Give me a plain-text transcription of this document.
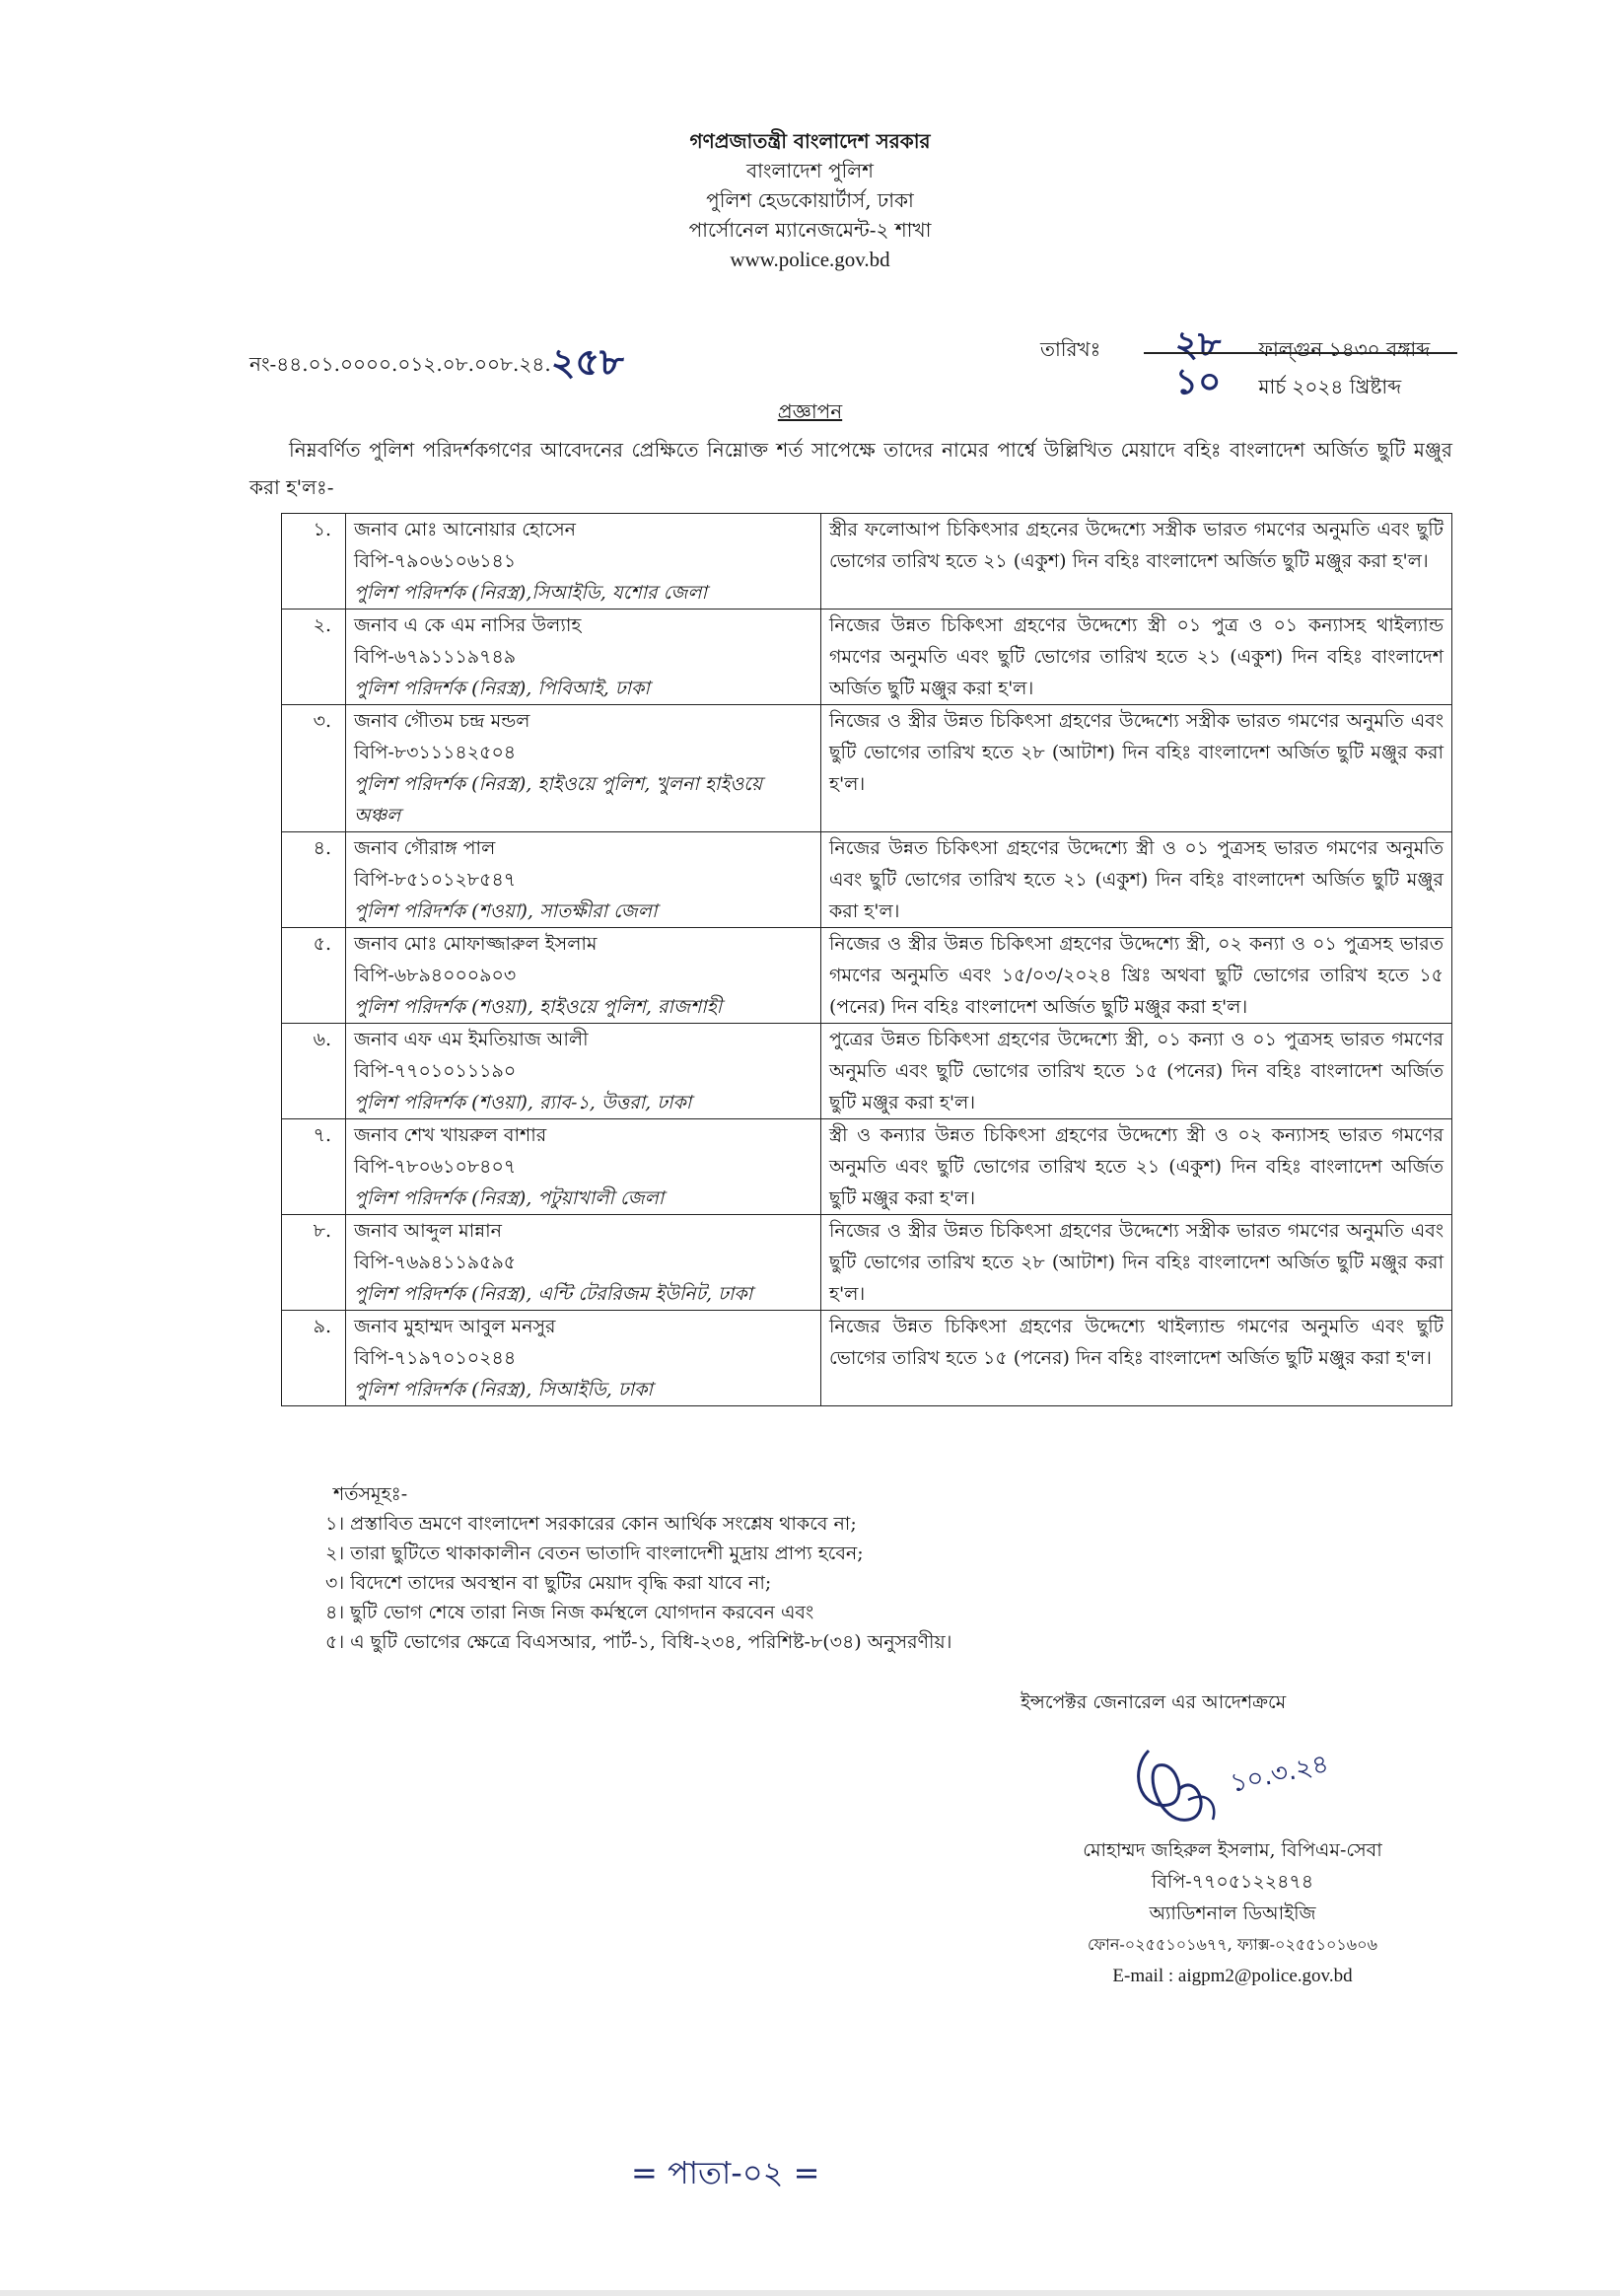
গণপ্রজাতন্ত্রী বাংলাদেশ সরকার
বাংলাদেশ পুলিশ
পুলিশ হেডকোয়ার্টার্স, ঢাকা
পার্সোনেল ম্যানেজমেন্ট-২ শাখা
www.police.gov.bd
নং-৪৪.০১.০০০০.০১২.০৮.০০৮.২৪.২৫৮	তারিখঃ	২৮ ফাল্গুন ১৪৩০ বঙ্গাব্দ
১০ মার্চ ২০২৪ খ্রিষ্টাব্দ
প্রজ্ঞাপন
নিম্নবর্ণিত পুলিশ পরিদর্শকগণের আবেদনের প্রেক্ষিতে নিম্নোক্ত শর্ত সাপেক্ষে তাদের নামের পার্শ্বে উল্লিখিত মেয়াদে বহিঃ বাংলাদেশ অর্জিত ছুটি মঞ্জুর করা হ'লঃ-
১.	জনাব মোঃ আনোয়ার হোসেন
বিপি-৭৯০৬১০৬১৪১
পুলিশ পরিদর্শক (নিরস্ত্র),সিআইডি, যশোর জেলা	স্ত্রীর ফলোআপ চিকিৎসার গ্রহনের উদ্দেশ্যে সস্ত্রীক ভারত গমণের অনুমতি এবং ছুটি ভোগের তারিখ হতে ২১ (একুশ) দিন বহিঃ বাংলাদেশ অর্জিত ছুটি মঞ্জুর করা হ'ল।
২.	জনাব এ কে এম নাসির উল্যাহ
বিপি-৬৭৯১১১৯৭৪৯
পুলিশ পরিদর্শক (নিরস্ত্র), পিবিআই, ঢাকা	নিজের উন্নত চিকিৎসা গ্রহণের উদ্দেশ্যে স্ত্রী ০১ পুত্র ও ০১ কন্যাসহ থাইল্যান্ড গমণের অনুমতি এবং ছুটি ভোগের তারিখ হতে ২১ (একুশ) দিন বহিঃ বাংলাদেশ অর্জিত ছুটি মঞ্জুর করা হ'ল।
৩.	জনাব গৌতম চন্দ্র মন্ডল
বিপি-৮৩১১১৪২৫০৪
পুলিশ পরিদর্শক (নিরস্ত্র), হাইওয়ে পুলিশ, খুলনা হাইওয়ে অঞ্চল	নিজের ও স্ত্রীর উন্নত চিকিৎসা গ্রহণের উদ্দেশ্যে সস্ত্রীক ভারত গমণের অনুমতি এবং ছুটি ভোগের তারিখ হতে ২৮ (আটাশ) দিন বহিঃ বাংলাদেশ অর্জিত ছুটি মঞ্জুর করা হ'ল।
৪.	জনাব গৌরাঙ্গ পাল
বিপি-৮৫১০১২৮৫৪৭
পুলিশ পরিদর্শক (শওয়া), সাতক্ষীরা জেলা	নিজের উন্নত চিকিৎসা গ্রহণের উদ্দেশ্যে স্ত্রী ও ০১ পুত্রসহ ভারত গমণের অনুমতি এবং ছুটি ভোগের তারিখ হতে ২১ (একুশ) দিন বহিঃ বাংলাদেশ অর্জিত ছুটি মঞ্জুর করা হ'ল।
৫.	জনাব মোঃ মোফাজ্জারুল ইসলাম
বিপি-৬৮৯৪০০০৯০৩
পুলিশ পরিদর্শক (শওয়া), হাইওয়ে পুলিশ, রাজশাহী	নিজের ও স্ত্রীর উন্নত চিকিৎসা গ্রহণের উদ্দেশ্যে স্ত্রী, ০২ কন্যা ও ০১ পুত্রসহ ভারত গমণের অনুমতি এবং ১৫/০৩/২০২৪ খ্রিঃ অথবা ছুটি ভোগের তারিখ হতে ১৫ (পনের) দিন বহিঃ বাংলাদেশ অর্জিত ছুটি মঞ্জুর করা হ'ল।
৬.	জনাব এফ এম ইমতিয়াজ আলী
বিপি-৭৭০১০১১১৯০
পুলিশ পরিদর্শক (শওয়া), র‌্যাব-১, উত্তরা, ঢাকা	পুত্রের উন্নত চিকিৎসা গ্রহণের উদ্দেশ্যে স্ত্রী, ০১ কন্যা ও ০১ পুত্রসহ ভারত গমণের অনুমতি এবং ছুটি ভোগের তারিখ হতে ১৫ (পনের) দিন বহিঃ বাংলাদেশ অর্জিত ছুটি মঞ্জুর করা হ'ল।
৭.	জনাব শেখ খায়রুল বাশার
বিপি-৭৮০৬১০৮৪০৭
পুলিশ পরিদর্শক (নিরস্ত্র), পটুয়াখালী জেলা	স্ত্রী ও কন্যার উন্নত চিকিৎসা গ্রহণের উদ্দেশ্যে স্ত্রী ও ০২ কন্যাসহ ভারত গমণের অনুমতি এবং ছুটি ভোগের তারিখ হতে ২১ (একুশ) দিন বহিঃ বাংলাদেশ অর্জিত ছুটি মঞ্জুর করা হ'ল।
৮.	জনাব আব্দুল মান্নান
বিপি-৭৬৯৪১১৯৫৯৫
পুলিশ পরিদর্শক (নিরস্ত্র), এন্টি টেররিজম ইউনিট, ঢাকা	নিজের ও স্ত্রীর উন্নত চিকিৎসা গ্রহণের উদ্দেশ্যে সস্ত্রীক ভারত গমণের অনুমতি এবং ছুটি ভোগের তারিখ হতে ২৮ (আটাশ) দিন বহিঃ বাংলাদেশ অর্জিত ছুটি মঞ্জুর করা হ'ল।
৯.	জনাব মুহাম্মদ আবুল মনসুর
বিপি-৭১৯৭০১০২৪৪
পুলিশ পরিদর্শক (নিরস্ত্র), সিআইডি, ঢাকা	নিজের উন্নত চিকিৎসা গ্রহণের উদ্দেশ্যে থাইল্যান্ড গমণের অনুমতি এবং ছুটি ভোগের তারিখ হতে ১৫ (পনের) দিন বহিঃ বাংলাদেশ অর্জিত ছুটি মঞ্জুর করা হ'ল।
শর্তসমূহঃ-
১। প্রস্তাবিত ভ্রমণে বাংলাদেশ সরকারের কোন আর্থিক সংশ্লেষ থাকবে না;
২। তারা ছুটিতে থাকাকালীন বেতন ভাতাদি বাংলাদেশী মুদ্রায় প্রাপ্য হবেন;
৩। বিদেশে তাদের অবস্থান বা ছুটির মেয়াদ বৃদ্ধি করা যাবে না;
৪। ছুটি ভোগ শেষে তারা নিজ নিজ কর্মস্থলে যোগদান করবেন এবং
৫। এ ছুটি ভোগের ক্ষেত্রে বিএসআর, পার্ট-১, বিধি-২৩৪, পরিশিষ্ট-৮(৩৪) অনুসরণীয়।
ইন্সপেক্টর জেনারেল এর আদেশক্রমে
১০.৩.২৪
মোহাম্মদ জহিরুল ইসলাম, বিপিএম-সেবা
বিপি-৭৭০৫১২২৪৭৪
অ্যাডিশনাল ডিআইজি
ফোন-০২৫৫১০১৬৭৭, ফ্যাক্স-০২৫৫১০১৬০৬
E-mail : aigpm2@police.gov.bd
= পাতা-০২ =
